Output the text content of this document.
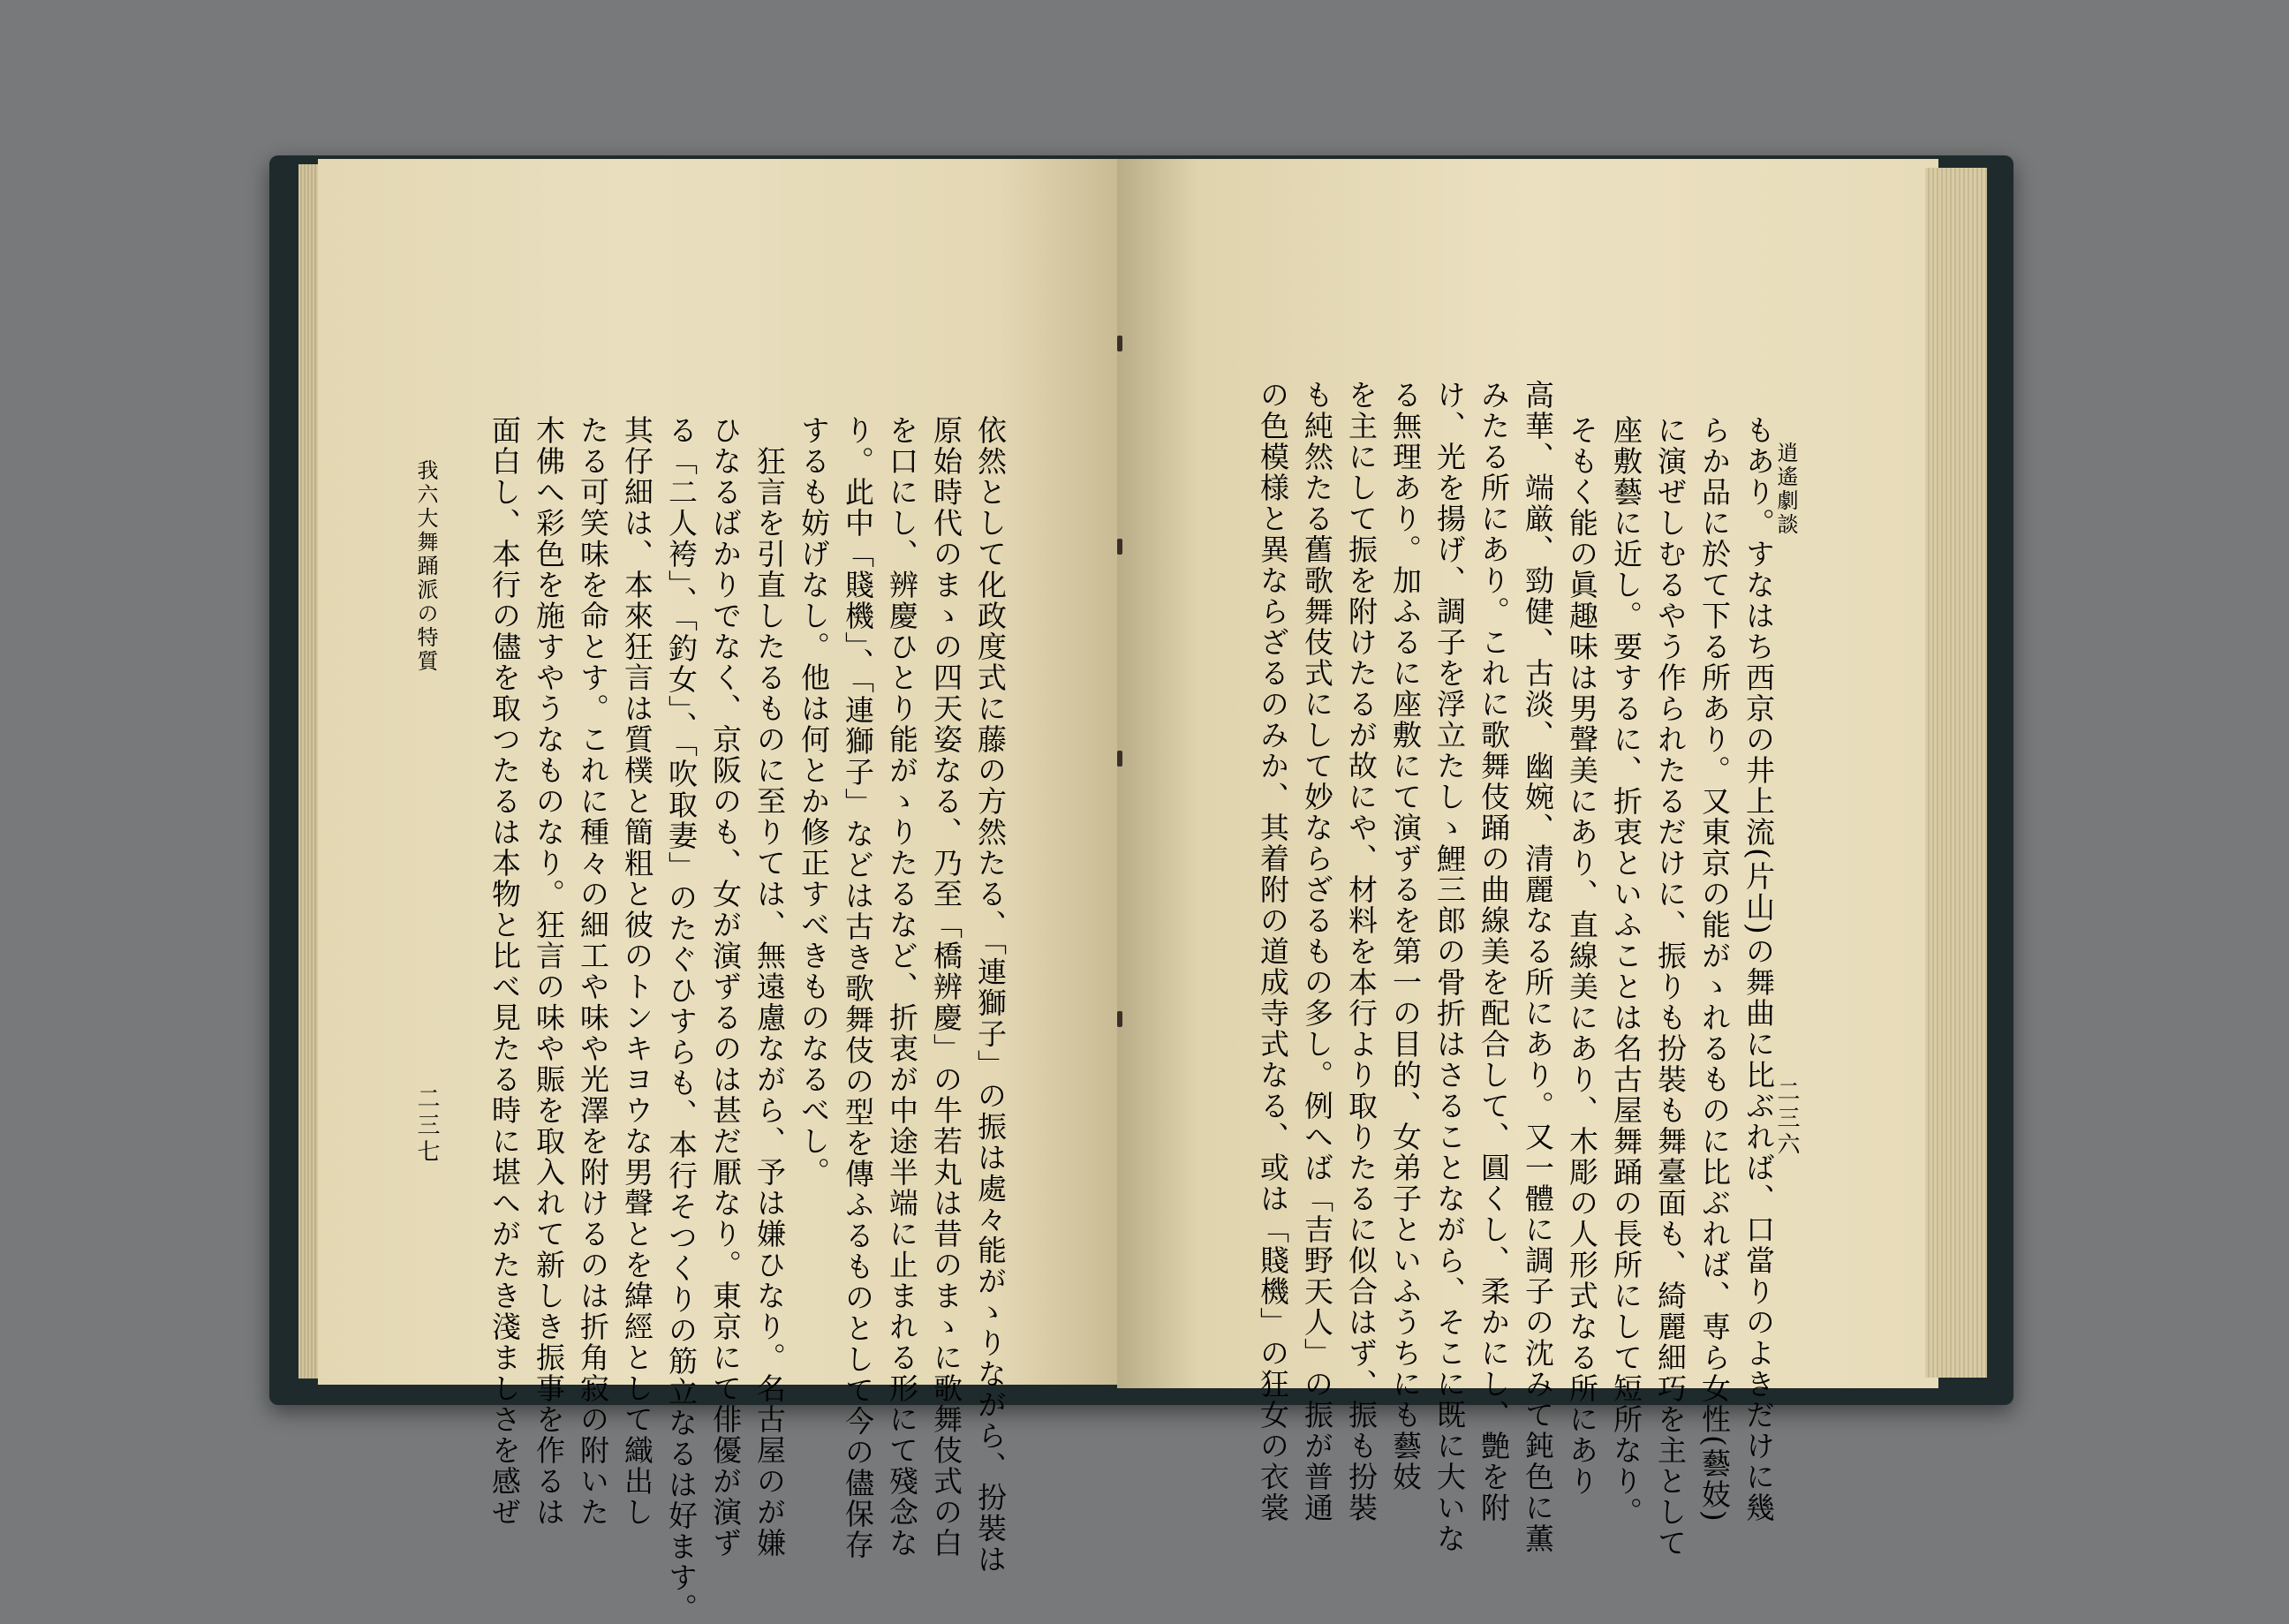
逍遙劇談
二三六
もあり。すなはち西京の井上流(片山)の舞曲に比ぶれば、口當りのよきだけに幾
らか品に於て下る所あり。又東京の能がゝれるものに比ぶれば、専ら女性(藝妓)
に演ぜしむるやう作られたるだけに、振りも扮裝も舞臺面も、綺麗細巧を主として
座敷藝に近し。要するに、折衷といふことは名古屋舞踊の長所にして短所なり。
そもく能の眞趣味は男聲美にあり、直線美にあり、木彫の人形式なる所にあり
高華、端厳、勁健、古淡、幽婉、清麗なる所にあり。又一體に調子の沈みて鈍色に薫
みたる所にあり。これに歌舞伎踊の曲線美を配合して、圓くし、柔かにし、艶を附
け、光を揚げ、調子を浮立たしゝ鯉三郎の骨折はさることながら、そこに既に大いな
る無理あり。加ふるに座敷にて演ずるを第一の目的、女弟子といふうちにも藝妓
を主にして振を附けたるが故にや、材料を本行より取りたるに似合はず、振も扮裝
も純然たる舊歌舞伎式にして妙ならざるもの多し。例へば「吉野天人」の振が普通
の色模様と異ならざるのみか、其着附の道成寺式なる、或は「賤機」の狂女の衣裳
依然として化政度式に藤の方然たる、「連獅子」の振は處々能がゝりながら、扮裝は
原始時代のまゝの四天姿なる、乃至「橋辨慶」の牛若丸は昔のまゝに歌舞伎式の白
を口にし、辨慶ひとり能がゝりたるなど、折衷が中途半端に止まれる形にて殘念な
り。此中「賤機」、「連獅子」などは古き歌舞伎の型を傳ふるものとして今の儘保存
するも妨げなし。他は何とか修正すべきものなるべし。
狂言を引直したるものに至りては、無遠慮ながら、予は嫌ひなり。名古屋のが嫌
ひなるばかりでなく、京阪のも、女が演ずるのは甚だ厭なり。東京にて俳優が演ず
る「二人袴」、「釣女」、「吹取妻」のたぐひすらも、本行そつくりの筋立なるは好ます。
其仔細は、本來狂言は質樸と簡粗と彼のトンキヨウな男聲とを緯經として織出し
たる可笑味を命とす。これに種々の細工や味や光澤を附けるのは折角寂の附いた
木佛へ彩色を施すやうなものなり。狂言の味や賑を取入れて新しき振事を作るは
面白し、本行の儘を取つたるは本物と比べ見たる時に堪へがたき淺ましさを感ぜ
我六大舞踊派の特質
二三七
